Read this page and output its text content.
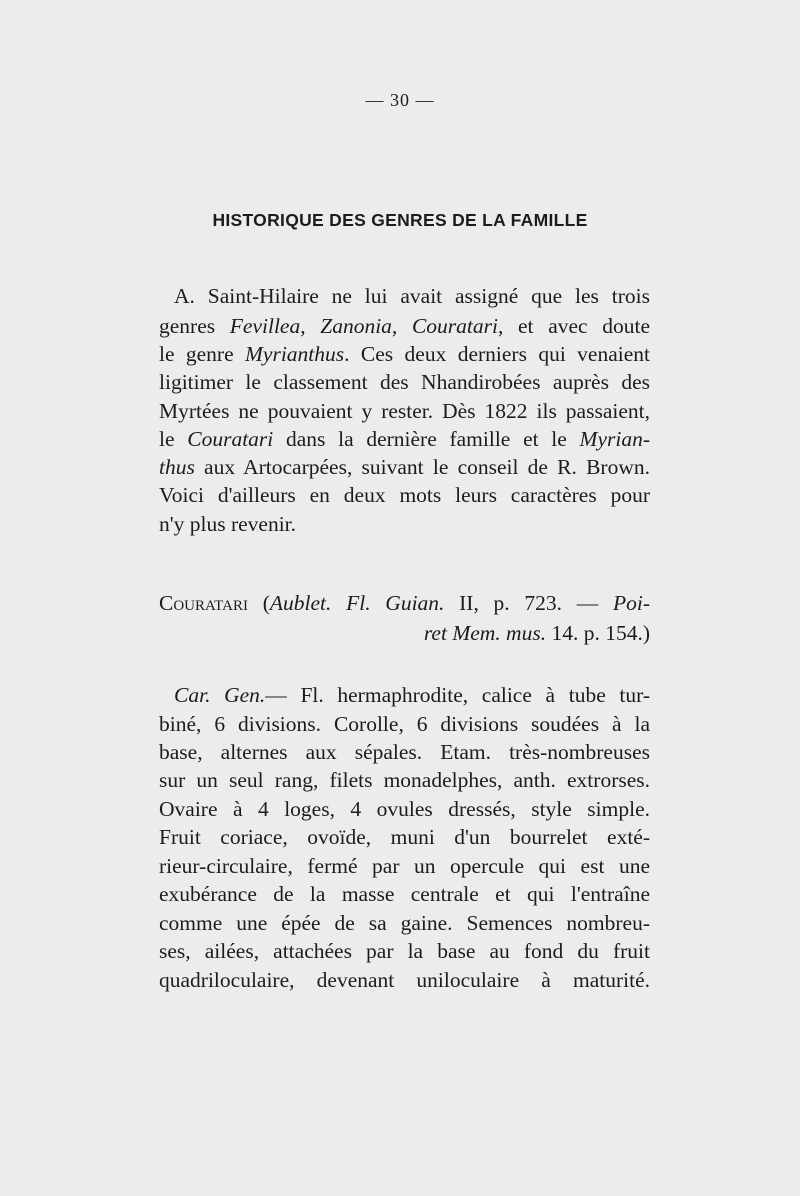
— 30 —
HISTORIQUE DES GENRES DE LA FAMILLE
A. Saint-Hilaire ne lui avait assigné que les trois
genres Fevillea, Zanonia, Couratari, et avec doute
le genre Myrianthus. Ces deux derniers qui venaient
ligitimer le classement des Nhandirobées auprès des
Myrtées ne pouvaient y rester. Dès 1822 ils passaient,
le Couratari dans la dernière famille et le Myrian-
thus aux Artocarpées, suivant le conseil de R. Brown.
Voici d'ailleurs en deux mots leurs caractères pour
n'y plus revenir.
Couratari (Aublet. Fl. Guian. II, p. 723. — Poi-
ret Mem. mus. 14. p. 154.)
Car. Gen.— Fl. hermaphrodite, calice à tube tur-
biné, 6 divisions. Corolle, 6 divisions soudées à la
base, alternes aux sépales. Etam. très-nombreuses
sur un seul rang, filets monadelphes, anth. extrorses.
Ovaire à 4 loges, 4 ovules dressés, style simple.
Fruit coriace, ovoïde, muni d'un bourrelet exté-
rieur-circulaire, fermé par un opercule qui est une
exubérance de la masse centrale et qui l'entraîne
comme une épée de sa gaine. Semences nombreu-
ses, ailées, attachées par la base au fond du fruit
quadriloculaire, devenant uniloculaire à maturité.
